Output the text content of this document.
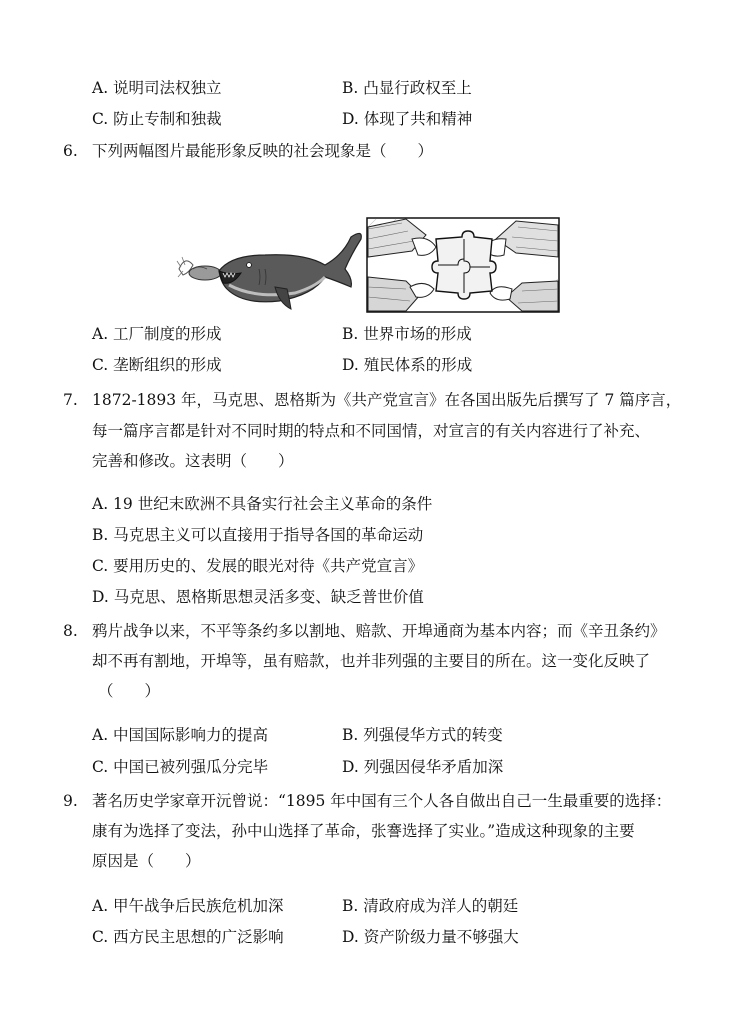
A. 说明司法权独立	B. 凸显行政权至上
C. 防止专制和独裁	D. 体现了共和精神
6. 下列两幅图片最能形象反映的社会现象是（　　）
A. 工厂制度的形成	B. 世界市场的形成
C. 垄断组织的形成	D. 殖民体系的形成
7. 1872-1893 年，马克思、恩格斯为《共产党宣言》在各国出版先后撰写了 7 篇序言，
每一篇序言都是针对不同时期的特点和不同国情，对宣言的有关内容进行了补充、
完善和修改。这表明（　　）
A. 19 世纪末欧洲不具备实行社会主义革命的条件
B. 马克思主义可以直接用于指导各国的革命运动
C. 要用历史的、发展的眼光对待《共产党宣言》
D. 马克思、恩格斯思想灵活多变、缺乏普世价值
8. 鸦片战争以来，不平等条约多以割地、赔款、开埠通商为基本内容；而《辛丑条约》
却不再有割地，开埠等，虽有赔款，也并非列强的主要目的所在。这一变化反映了
（　　）
A. 中国国际影响力的提高	B. 列强侵华方式的转变
C. 中国已被列强瓜分完毕	D. 列强因侵华矛盾加深
9. 著名历史学家章开沅曾说：“1895 年中国有三个人各自做出自己一生最重要的选择：
康有为选择了变法，孙中山选择了革命，张謇选择了实业。”造成这种现象的主要
原因是（　　）
A. 甲午战争后民族危机加深	B. 清政府成为洋人的朝廷
C. 西方民主思想的广泛影响	D. 资产阶级力量不够强大
